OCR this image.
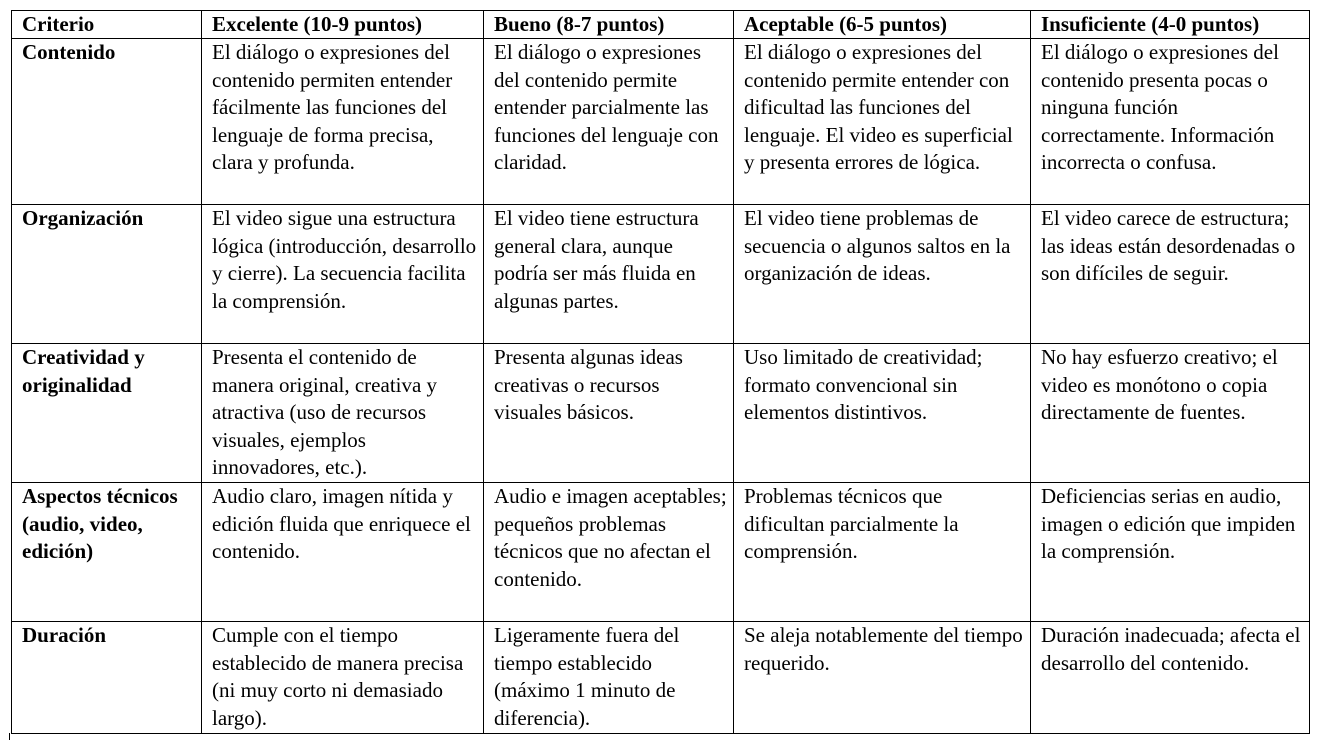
Criterio	Excelente (10-9 puntos)	Bueno (8-7 puntos)	Aceptable (6-5 puntos)	Insuficiente (4-0 puntos)
Contenido	El diálogo o expresiones del contenido permiten entender fácilmente las funciones del lenguaje de forma precisa, clara y profunda.	El diálogo o expresiones del contenido permite entender parcialmente las funciones del lenguaje con claridad.	El diálogo o expresiones del contenido permite entender con dificultad las funciones del lenguaje. El video es superficial y presenta errores de lógica.	El diálogo o expresiones del contenido presenta pocas o ninguna función correctamente. Información incorrecta o confusa.
Organización	El video sigue una estructura lógica (introducción, desarrollo y cierre). La secuencia facilita la comprensión.	El video tiene estructura general clara, aunque podría ser más fluida en algunas partes.	El video tiene problemas de secuencia o algunos saltos en la organización de ideas.	El video carece de estructura; las ideas están desordenadas o son difíciles de seguir.
Creatividad y originalidad	Presenta el contenido de manera original, creativa y atractiva (uso de recursos visuales, ejemplos innovadores, etc.).	Presenta algunas ideas creativas o recursos visuales básicos.	Uso limitado de creatividad; formato convencional sin elementos distintivos.	No hay esfuerzo creativo; el video es monótono o copia directamente de fuentes.
Aspectos técnicos (audio, video, edición)	Audio claro, imagen nítida y edición fluida que enriquece el contenido.	Audio e imagen aceptables; pequeños problemas técnicos que no afectan el contenido.	Problemas técnicos que dificultan parcialmente la comprensión.	Deficiencias serias en audio, imagen o edición que impiden la comprensión.
Duración	Cumple con el tiempo establecido de manera precisa (ni muy corto ni demasiado largo).	Ligeramente fuera del tiempo establecido (máximo 1 minuto de diferencia).	Se aleja notablemente del tiempo requerido.	Duración inadecuada; afecta el desarrollo del contenido.
